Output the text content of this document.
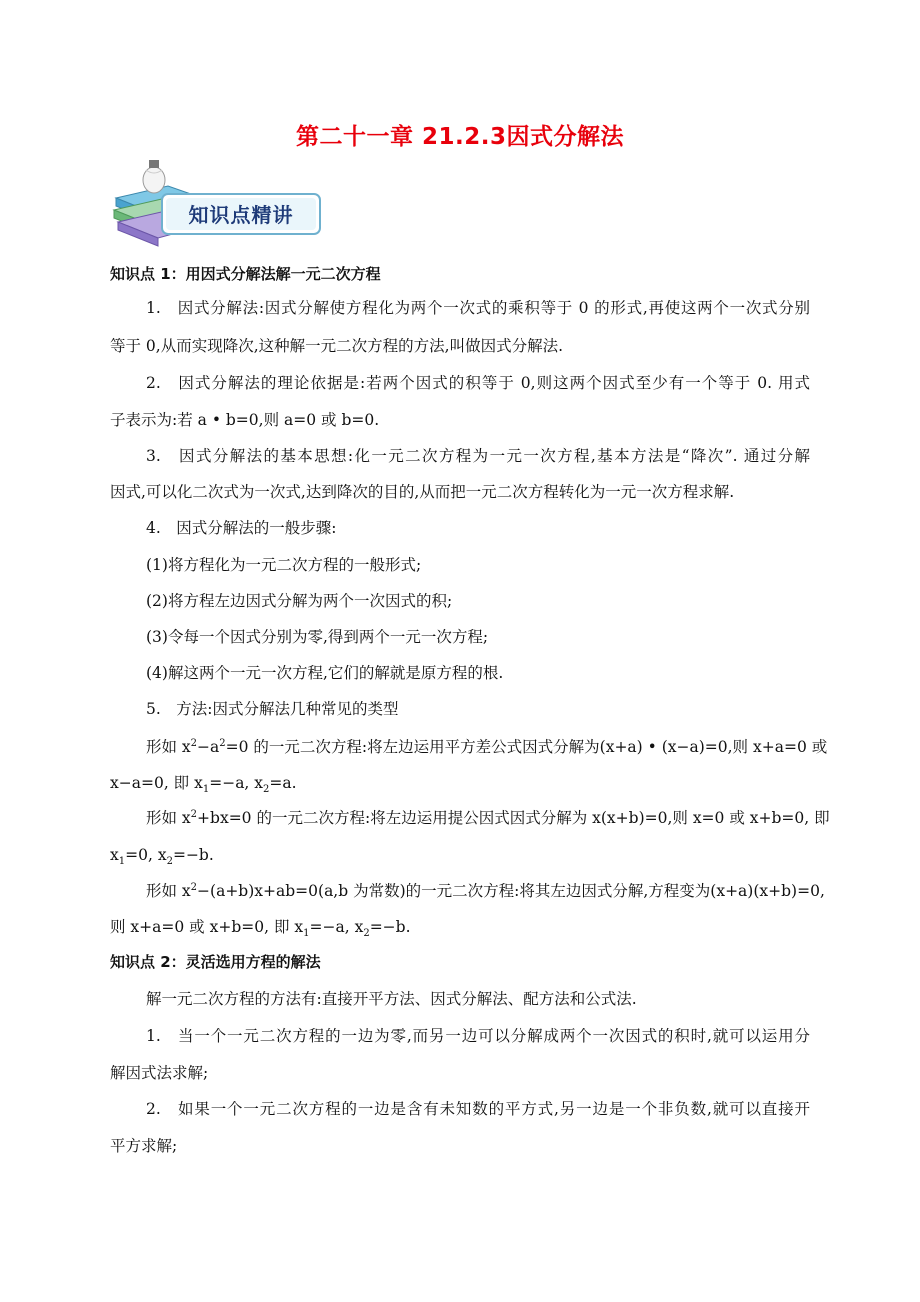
第二十一章 21.2.3因式分解法
知识点精讲
知识点 1：用因式分解法解一元二次方程
1.　因式分解法:因式分解使方程化为两个一次式的乘积等于 0 的形式,再使这两个一次式分别
等于 0,从而实现降次,这种解一元二次方程的方法,叫做因式分解法.
2.　因式分解法的理论依据是:若两个因式的积等于 0,则这两个因式至少有一个等于 0. 用式
子表示为:若 a • b=0,则 a=0 或 b=0.
3.　因式分解法的基本思想:化一元二次方程为一元一次方程,基本方法是“降次”. 通过分解
因式,可以化二次式为一次式,达到降次的目的,从而把一元二次方程转化为一元一次方程求解.
4.　因式分解法的一般步骤:
(1)将方程化为一元二次方程的一般形式;
(2)将方程左边因式分解为两个一次因式的积;
(3)令每一个因式分别为零,得到两个一元一次方程;
(4)解这两个一元一次方程,它们的解就是原方程的根.
5.　方法:因式分解法几种常见的类型
形如 $x^2-a^2=0$ 的一元二次方程:将左边运用平方差公式因式分解为(x+a) • (x−a)=0,则 x+a=0 或
x−a=0, 即 $x_1=-a$, $x_2=a$.
形如 $x^2+bx=0$ 的一元二次方程:将左边运用提公因式因式分解为 x(x+b)=0,则 x=0 或 x+b=0, 即
$x_1=0$, $x_2=-b$.
形如 $x^2-(a+b)x+ab=0(a,b$ 为常数)的一元二次方程:将其左边因式分解,方程变为(x+a)(x+b)=0,
则 x+a=0 或 x+b=0, 即 $x_1=-a$, $x_2=-b$.
知识点 2：灵活选用方程的解法
解一元二次方程的方法有:直接开平方法、因式分解法、配方法和公式法.
1.　当一个一元二次方程的一边为零,而另一边可以分解成两个一次因式的积时,就可以运用分
解因式法求解;
2.　如果一个一元二次方程的一边是含有未知数的平方式,另一边是一个非负数,就可以直接开
平方求解;
